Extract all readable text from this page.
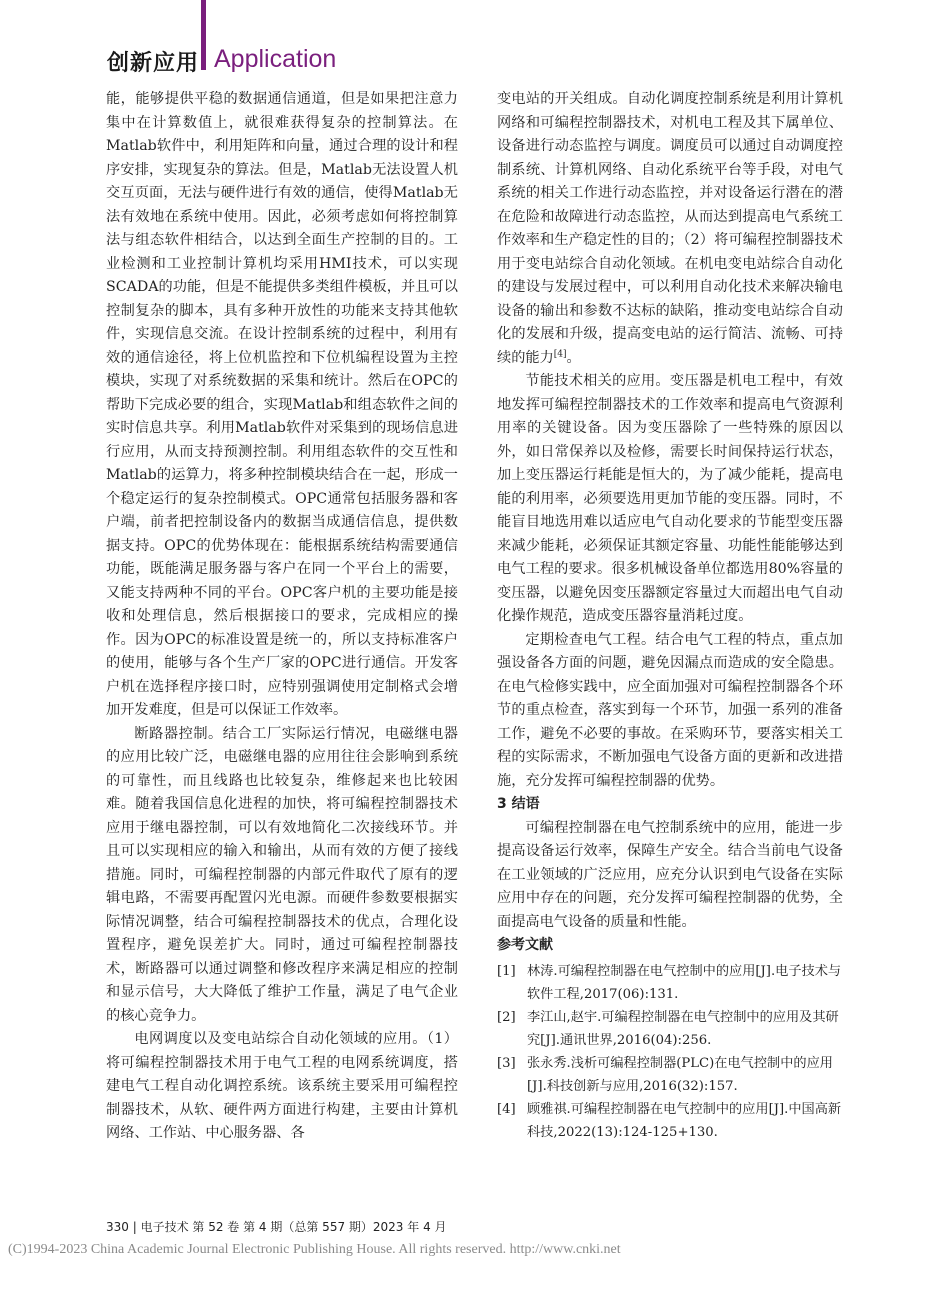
创新应用 Application

能，能够提供平稳的数据通信通道，但是如果把注意力集中在计算数值上，就很难获得复杂的控制算法。在Matlab软件中，利用矩阵和向量，通过合理的设计和程序安排，实现复杂的算法。但是，Matlab无法设置人机交互页面，无法与硬件进行有效的通信，使得Matlab无法有效地在系统中使用。因此，必须考虑如何将控制算法与组态软件相结合，以达到全面生产控制的目的。工业检测和工业控制计算机均采用HMI技术，可以实现SCADA的功能，但是不能提供多类组件模板，并且可以控制复杂的脚本，具有多种开放性的功能来支持其他软件，实现信息交流。在设计控制系统的过程中，利用有效的通信途径，将上位机监控和下位机编程设置为主控模块，实现了对系统数据的采集和统计。然后在OPC的帮助下完成必要的组合，实现Matlab和组态软件之间的实时信息共享。利用Matlab软件对采集到的现场信息进行应用，从而支持预测控制。利用组态软件的交互性和Matlab的运算力，将多种控制模块结合在一起，形成一个稳定运行的复杂控制模式。OPC通常包括服务器和客户端，前者把控制设备内的数据当成通信信息，提供数据支持。OPC的优势体现在：能根据系统结构需要通信功能，既能满足服务器与客户在同一个平台上的需要，又能支持两种不同的平台。OPC客户机的主要功能是接收和处理信息，然后根据接口的要求，完成相应的操作。因为OPC的标准设置是统一的，所以支持标准客户的使用，能够与各个生产厂家的OPC进行通信。开发客户机在选择程序接口时，应特别强调使用定制格式会增加开发难度，但是可以保证工作效率。

断路器控制。结合工厂实际运行情况，电磁继电器的应用比较广泛，电磁继电器的应用往往会影响到系统的可靠性，而且线路也比较复杂，维修起来也比较困难。随着我国信息化进程的加快，将可编程控制器技术应用于继电器控制，可以有效地简化二次接线环节。并且可以实现相应的输入和输出，从而有效的方便了接线措施。同时，可编程控制器的内部元件取代了原有的逻辑电路，不需要再配置闪光电源。而硬件参数要根据实际情况调整，结合可编程控制器技术的优点，合理化设置程序，避免误差扩大。同时，通过可编程控制器技术，断路器可以通过调整和修改程序来满足相应的控制和显示信号，大大降低了维护工作量，满足了电气企业的核心竞争力。

电网调度以及变电站综合自动化领域的应用。（1）将可编程控制器技术用于电气工程的电网系统调度，搭建电气工程自动化调控系统。该系统主要采用可编程控制器技术，从软、硬件两方面进行构建，主要由计算机网络、工作站、中心服务器、各

变电站的开关组成。自动化调度控制系统是利用计算机网络和可编程控制器技术，对机电工程及其下属单位、设备进行动态监控与调度。调度员可以通过自动调度控制系统、计算机网络、自动化系统平台等手段，对电气系统的相关工作进行动态监控，并对设备运行潜在的潜在危险和故障进行动态监控，从而达到提高电气系统工作效率和生产稳定性的目的；（2）将可编程控制器技术用于变电站综合自动化领域。在机电变电站综合自动化的建设与发展过程中，可以利用自动化技术来解决输电设备的输出和参数不达标的缺陷，推动变电站综合自动化的发展和升级，提高变电站的运行简洁、流畅、可持续的能力[4]。

节能技术相关的应用。变压器是机电工程中，有效地发挥可编程控制器技术的工作效率和提高电气资源利用率的关键设备。因为变压器除了一些特殊的原因以外，如日常保养以及检修，需要长时间保持运行状态，加上变压器运行耗能是恒大的，为了减少能耗，提高电能的利用率，必须要选用更加节能的变压器。同时，不能盲目地选用难以适应电气自动化要求的节能型变压器来减少能耗，必须保证其额定容量、功能性能能够达到电气工程的要求。很多机械设备单位都选用80%容量的变压器，以避免因变压器额定容量过大而超出电气自动化操作规范，造成变压器容量消耗过度。

定期检查电气工程。结合电气工程的特点，重点加强设备各方面的问题，避免因漏点而造成的安全隐患。在电气检修实践中，应全面加强对可编程控制器各个环节的重点检查，落实到每一个环节，加强一系列的准备工作，避免不必要的事故。在采购环节，要落实相关工程的实际需求，不断加强电气设备方面的更新和改进措施，充分发挥可编程控制器的优势。

3 结语

可编程控制器在电气控制系统中的应用，能进一步提高设备运行效率，保障生产安全。结合当前电气设备在工业领域的广泛应用，应充分认识到电气设备在实际应用中存在的问题，充分发挥可编程控制器的优势，全面提高电气设备的质量和性能。

参考文献

[1] 林涛.可编程控制器在电气控制中的应用[J].电子技术与软件工程,2017(06):131.
[2] 李江山,赵宇.可编程控制器在电气控制中的应用及其研究[J].通讯世界,2016(04):256.
[3] 张永秀.浅析可编程控制器(PLC)在电气控制中的应用[J].科技创新与应用,2016(32):157.
[4] 顾雅祺.可编程控制器在电气控制中的应用[J].中国高新科技,2022(13):124-125+130.
330 | 电子技术 第 52 卷 第 4 期（总第 557 期）2023 年 4 月
(C)1994-2023 China Academic Journal Electronic Publishing House. All rights reserved. http://www.cnki.net
